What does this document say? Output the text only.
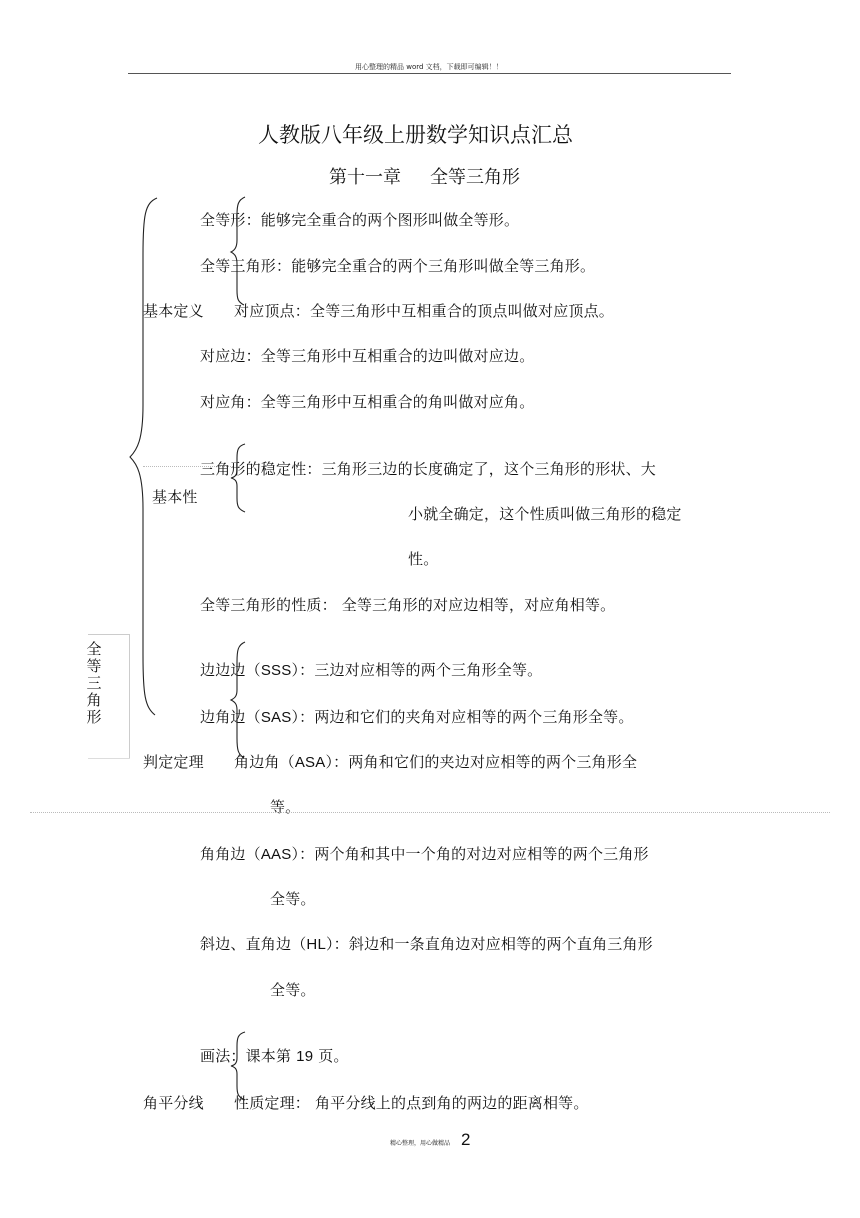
用心整理的精品 word 文档，下载即可编辑！！
人教版八年级上册数学知识点汇总
第十一章 全等三角形
全等三角形
基本定义
全等形：能够完全重合的两个图形叫做全等形。
全等三角形：能够完全重合的两个三角形叫做全等三角形。
对应顶点：全等三角形中互相重合的顶点叫做对应顶点。
对应边：全等三角形中互相重合的边叫做对应边。
对应角：全等三角形中互相重合的角叫做对应角。
基本性
三角形的稳定性：三角形三边的长度确定了，这个三角形的形状、大
小就全确定，这个性质叫做三角形的稳定
性。
全等三角形的性质： 全等三角形的对应边相等，对应角相等。
判定定理
边边边（SSS）：三边对应相等的两个三角形全等。
边角边（SAS）：两边和它们的夹角对应相等的两个三角形全等。
角边角（ASA）：两角和它们的夹边对应相等的两个三角形全
等。
角角边（AAS）：两个角和其中一个角的对边对应相等的两个三角形
全等。
斜边、直角边（HL）：斜边和一条直角边对应相等的两个直角三角形
全等。
角平分线
画法：课本第 19 页。
性质定理： 角平分线上的点到角的两边的距离相等。
精心整理，用心做精品 2
